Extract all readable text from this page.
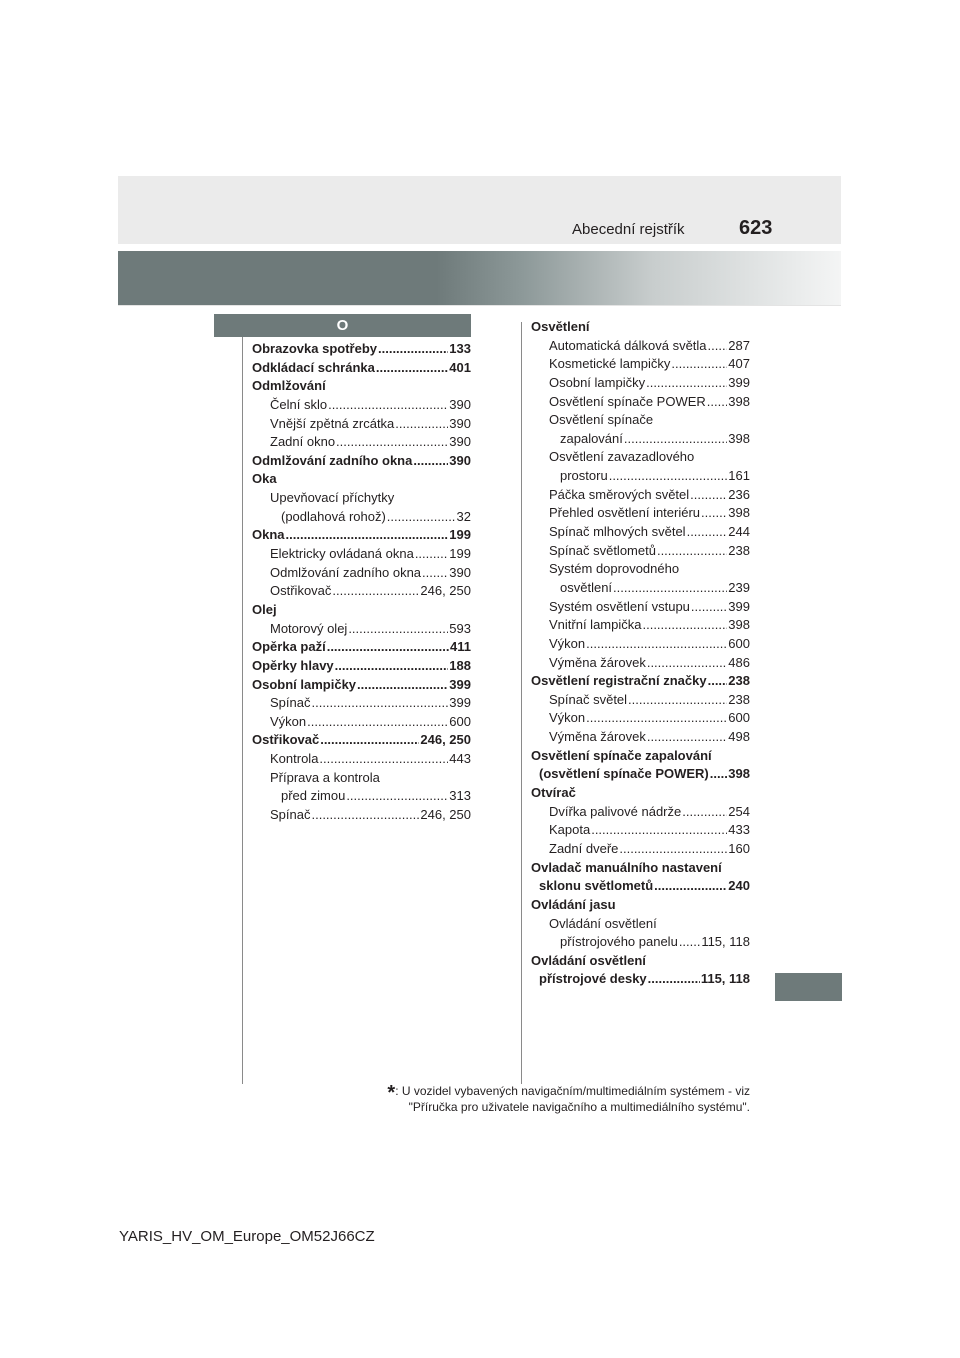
Abecední rejstřík	623
O
Obrazovka spotřeby .....	133
Odkládací schránka .....	401
Odmlžování
Čelní sklo .....	390
Vnější zpětná zrcátka .....	390
Zadní okno .....	390
Odmlžování zadního okna .....	390
Oka
Upevňovací příchytky
(podlahová rohož) .....	32
Okna .....	199
Elektricky ovládaná okna .....	199
Odmlžování zadního okna ..... 390
Ostřikovač .....	246, 250
Olej
Motorový olej .....	593
Opěrka paží .....	411
Opěrky hlavy .....	188
Osobní lampičky .....	399
Spínač .....	399
Výkon .....	600
Ostřikovač .....	246, 250
Kontrola .....	443
Příprava a kontrola
před zimou .....	313
Spínač .....	246, 250
Osvětlení
Automatická dálková světla ..... 287
Kosmetické lampičky .....	407
Osobní lampičky .....	399
Osvětlení spínače POWER ..... 398
Osvětlení spínače
zapalování .....	398
Osvětlení zavazadlového
prostoru .....	161
Páčka směrových světel .....	236
Přehled osvětlení interiéru ..... 398
Spínač mlhových světel .....	244
Spínač světlometů .....	238
Systém doprovodného
osvětlení .....	239
Systém osvětlení vstupu .....	399
Vnitřní lampička .....	398
Výkon .....	600
Výměna žárovek .....	486
Osvětlení registrační značky ..... 238
Spínač světel .....	238
Výkon .....	600
Výměna žárovek .....	498
Osvětlení spínače zapalování
(osvětlení spínače POWER) ..... 398
Otvírač
Dvířka palivové nádrže .....	254
Kapota .....	433
Zadní dveře .....	160
Ovladač manuálního nastavení
sklonu světlometů .....	240
Ovládání jasu
Ovládání osvětlení
přístrojového panelu ..... 115, 118
Ovládání osvětlení
přístrojové desky .....	115, 118
*: U vozidel vybavených navigačním/multimediálním systémem - viz
"Příručka pro uživatele navigačního a multimediálního systému".
YARIS_HV_OM_Europe_OM52J66CZ
